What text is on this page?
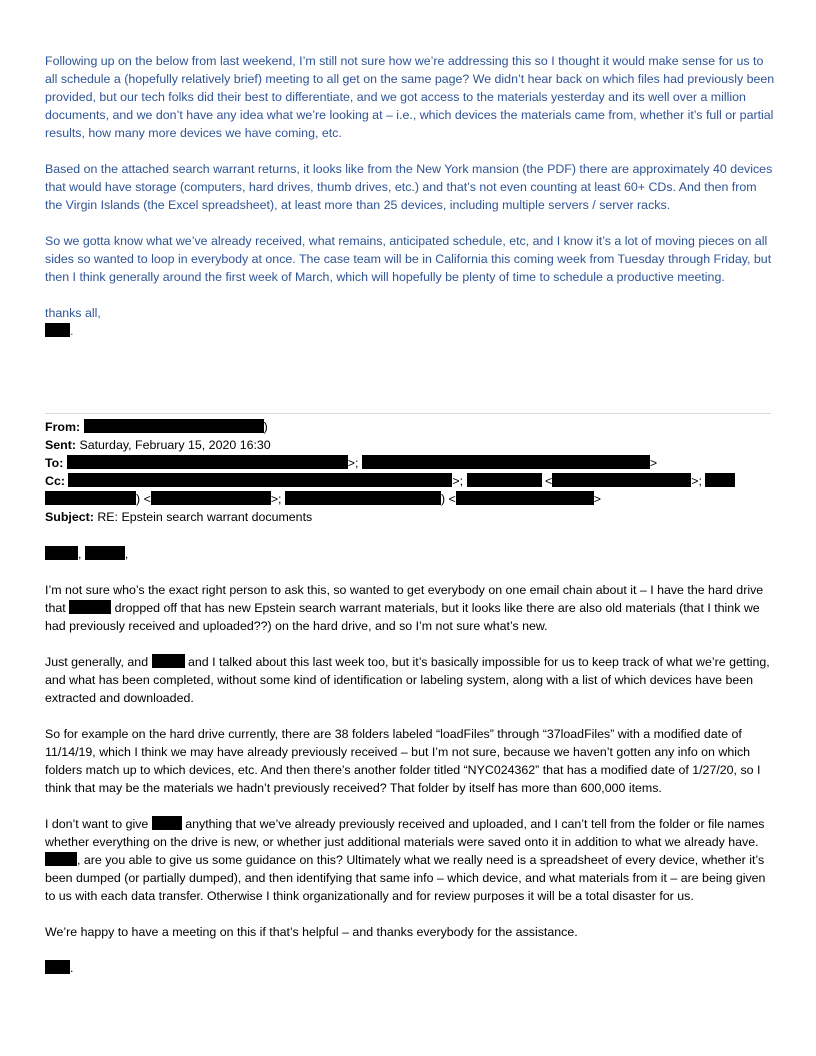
Following up on the below from last weekend, I’m still not sure how we’re addressing this so I thought it would make sense for us to all schedule a (hopefully relatively brief) meeting to all get on the same page? We didn’t hear back on which files had previously been provided, but our tech folks did their best to differentiate, and we got access to the materials yesterday and its well over a million documents, and we don’t have any idea what we’re looking at – i.e., which devices the materials came from, whether it’s full or partial results, how many more devices we have coming, etc.

Based on the attached search warrant returns, it looks like from the New York mansion (the PDF) there are approximately 40 devices that would have storage (computers, hard drives, thumb drives, etc.) and that’s not even counting at least 60+ CDs. And then from the Virgin Islands (the Excel spreadsheet), at least more than 25 devices, including multiple servers / server racks.

So we gotta know what we’ve already received, what remains, anticipated schedule, etc, and I know it’s a lot of moving pieces on all sides so wanted to loop in everybody at once. The case team will be in California this coming week from Tuesday through Friday, but then I think generally around the first week of March, which will hopefully be plenty of time to schedule a productive meeting.

thanks all,

.

From:	)

Sent: Saturday, February 15, 2020 16:30

To:	>;	>

Cc:	>;	<	>;

) <	>;	) <	>

Subject: RE: Epstein search warrant documents

,	,

I’m not sure who’s the exact right person to ask this, so wanted to get everybody on one email chain about it – I have the hard drive that	dropped off that has new Epstein search warrant materials, but it looks like there are also old materials (that I think we had previously received and uploaded??) on the hard drive, and so I’m not sure what’s new.

Just generally, and	and I talked about this last week too, but it’s basically impossible for us to keep track of what we’re getting, and what has been completed, without some kind of identification or labeling system, along with a list of which devices have been extracted and downloaded.

So for example on the hard drive currently, there are 38 folders labeled “loadFiles” through “37loadFiles” with a modified date of 11/14/19, which I think we may have already previously received – but I’m not sure, because we haven’t gotten any info on which folders match up to which devices, etc. And then there’s another folder titled “NYC024362” that has a modified date of 1/27/20, so I think that may be the materials we hadn’t previously received? That folder by itself has more than 600,000 items.

I don’t want to give	anything that we’ve already previously received and uploaded, and I can’t tell from the folder or file names whether everything on the drive is new, or whether just additional materials were saved onto it in addition to what we already have. , are you able to give us some guidance on this? Ultimately what we really need is a spreadsheet of every device, whether it’s been dumped (or partially dumped), and then identifying that same info – which device, and what materials from it – are being given to us with each data transfer. Otherwise I think organizationally and for review purposes it will be a total disaster for us.

We’re happy to have a meeting on this if that’s helpful – and thanks everybody for the assistance.

.
